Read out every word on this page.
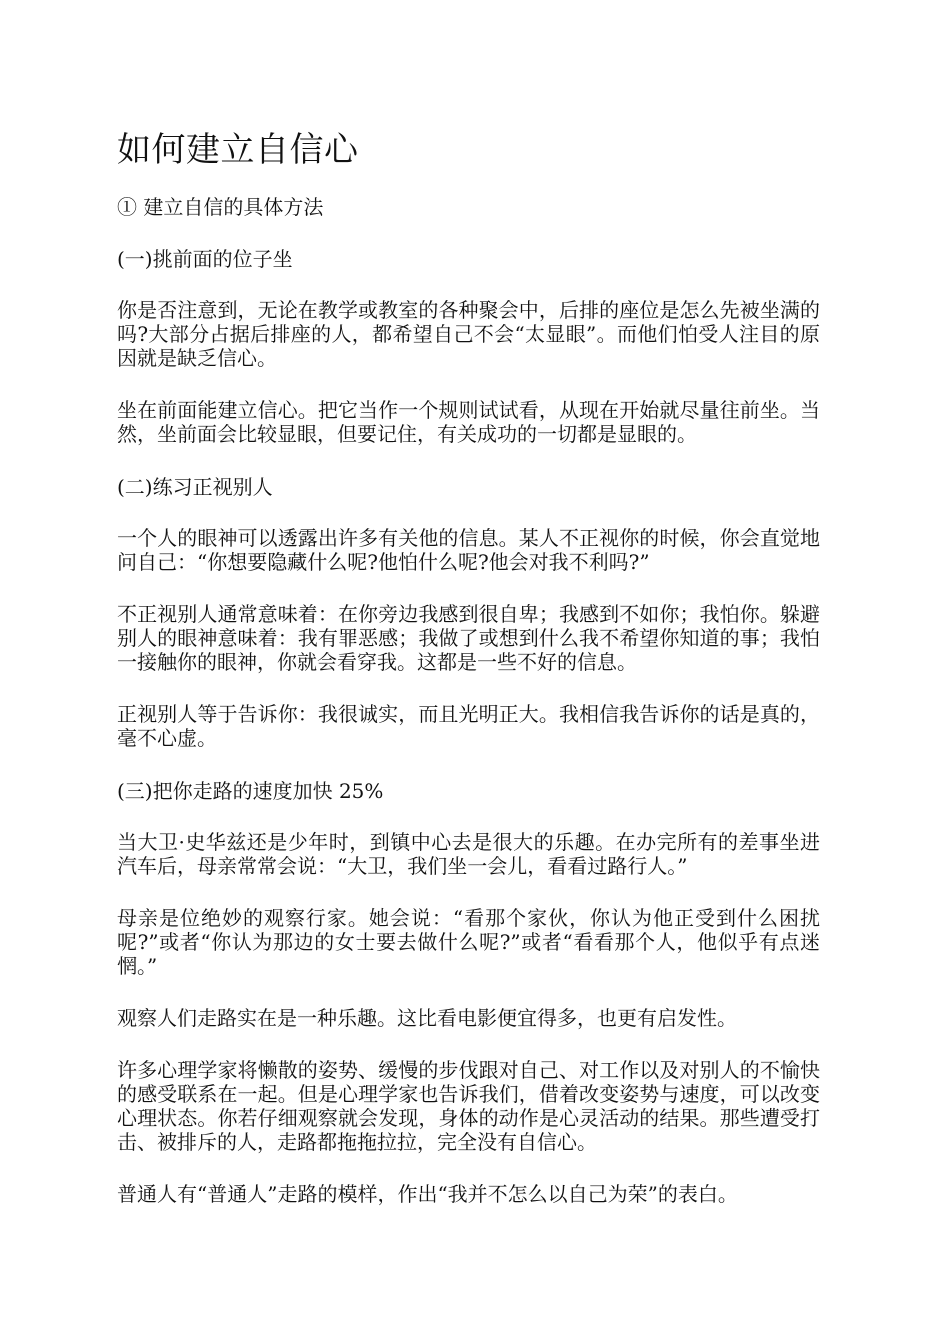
如何建立自信心
① 建立自信的具体方法
(一)挑前面的位子坐
你是否注意到，无论在教学或教室的各种聚会中，后排的座位是怎么先被坐满的吗?大部分占据后排座的人，都希望自己不会“太显眼”。而他们怕受人注目的原因就是缺乏信心。
坐在前面能建立信心。把它当作一个规则试试看，从现在开始就尽量往前坐。当然，坐前面会比较显眼，但要记住，有关成功的一切都是显眼的。
(二)练习正视别人
一个人的眼神可以透露出许多有关他的信息。某人不正视你的时候，你会直觉地问自己：“你想要隐藏什么呢?他怕什么呢?他会对我不利吗?”
不正视别人通常意味着：在你旁边我感到很自卑；我感到不如你；我怕你。躲避别人的眼神意味着：我有罪恶感；我做了或想到什么我不希望你知道的事；我怕一接触你的眼神，你就会看穿我。这都是一些不好的信息。
正视别人等于告诉你：我很诚实，而且光明正大。我相信我告诉你的话是真的，毫不心虚。
(三)把你走路的速度加快 25%
当大卫·史华兹还是少年时，到镇中心去是很大的乐趣。在办完所有的差事坐进汽车后，母亲常常会说：“大卫，我们坐一会儿，看看过路行人。”
母亲是位绝妙的观察行家。她会说：“看那个家伙，你认为他正受到什么困扰呢?”或者“你认为那边的女士要去做什么呢?”或者“看看那个人，他似乎有点迷惘。”
观察人们走路实在是一种乐趣。这比看电影便宜得多，也更有启发性。
许多心理学家将懒散的姿势、缓慢的步伐跟对自己、对工作以及对别人的不愉快的感受联系在一起。但是心理学家也告诉我们，借着改变姿势与速度，可以改变心理状态。你若仔细观察就会发现，身体的动作是心灵活动的结果。那些遭受打击、被排斥的人，走路都拖拖拉拉，完全没有自信心。
普通人有“普通人”走路的模样，作出“我并不怎么以自己为荣”的表白。
